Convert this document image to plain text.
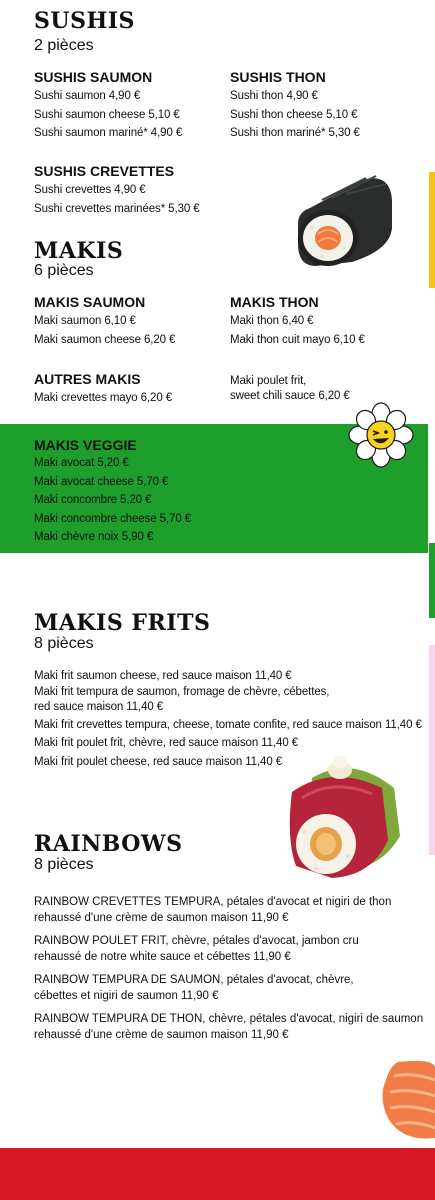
SUSHIS
2 pièces
SUSHIS SAUMON
Sushi saumon 4,90 €
Sushi saumon cheese 5,10 €
Sushi saumon mariné* 4,90 €
SUSHIS THON
Sushi thon 4,90 €
Sushi thon cheese 5,10 €
Sushi thon mariné* 5,30 €
SUSHIS CREVETTES
Sushi crevettes 4,90 €
Sushi crevettes marinées* 5,30 €
MAKIS
6 pièces
MAKIS SAUMON
Maki saumon 6,10 €
Maki saumon cheese 6,20 €
MAKIS THON
Maki thon 6,40 €
Maki thon cuit mayo 6,10 €
AUTRES MAKIS
Maki crevettes mayo 6,20 €
Maki poulet frit,
sweet chili sauce 6,20 €
MAKIS VEGGIE
Maki avocat 5,20 €
Maki avocat cheese 5,70 €
Maki concombre 5,20 €
Maki concombre cheese 5,70 €
Maki chèvre noix 5,90 €
MAKIS FRITS
8 pièces
Maki frit saumon cheese, red sauce maison 11,40 €
Maki frit tempura de saumon, fromage de chèvre, cébettes,
red sauce maison 11,40 €
Maki frit crevettes tempura, cheese, tomate confite, red sauce maison 11,40 €
Maki frit poulet frit, chèvre, red sauce maison 11,40 €
Maki frit poulet cheese, red sauce maison 11,40 €
RAINBOWS
8 pièces
RAINBOW CREVETTES TEMPURA, pétales d'avocat et nigiri de thon
rehaussé d'une crème de saumon maison 11,90 €
RAINBOW POULET FRIT, chèvre, pétales d'avocat, jambon cru
rehaussé de notre white sauce et cébettes 11,90 €
RAINBOW TEMPURA DE SAUMON, pétales d'avocat, chèvre,
cébettes et nigiri de saumon 11,90 €
RAINBOW TEMPURA DE THON, chèvre, pétales d'avocat, nigiri de saumon
rehaussé d'une crème de saumon maison 11,90 €
